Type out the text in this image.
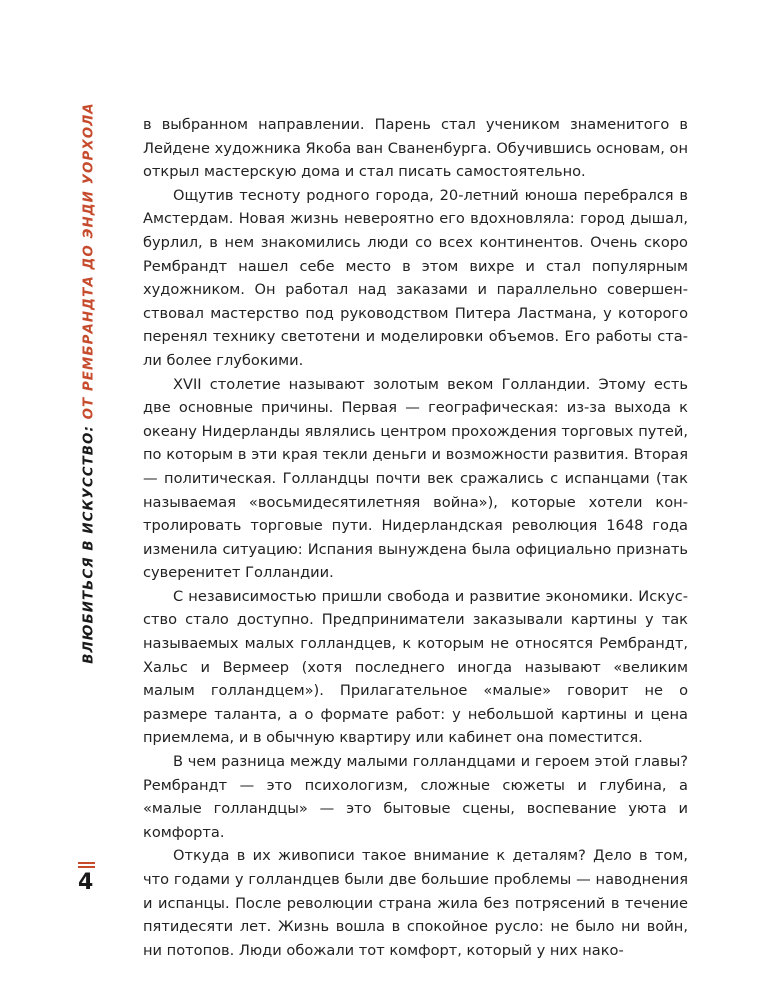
ВЛЮБИТЬСЯ В ИСКУССТВО: ОТ РЕМБРАНДТА ДО ЭНДИ УОРХОЛА
4

в выбранном направлении. Парень стал учеником знаменитого в Лейдене художника Якоба ван Сваненбурга. Обучившись основам, он открыл мастерскую дома и стал писать самостоятельно.

Ощутив тесноту родного города, 20-летний юноша перебрался в Амстердам. Новая жизнь невероятно его вдохновляла: город дышал, бурлил, в нем знакомились люди со всех континентов. Очень скоро Рембрандт нашел себе место в этом вихре и стал популярным художником. Он работал над заказами и параллельно совершенствовал мастерство под руководством Питера Ластмана, у которого перенял технику светотени и моделировки объемов. Его работы стали более глубокими.

XVII столетие называют золотым веком Голландии. Этому есть две основные причины. Первая — географическая: из-за выхода к океану Нидерланды являлись центром прохождения торговых путей, по которым в эти края текли деньги и возможности развития. Вторая — политическая. Голландцы почти век сражались с испанцами (так называемая «восьмидесятилетняя война»), которые хотели контролировать торговые пути. Нидерландская революция 1648 года изменила ситуацию: Испания вынуждена была официально признать суверенитет Голландии.

С независимостью пришли свобода и развитие экономики. Искусство стало доступно. Предприниматели заказывали картины у так называемых малых голландцев, к которым не относятся Рембрандт, Хальс и Вермеер (хотя последнего иногда называют «великим малым голландцем»). Прилагательное «малые» говорит не о размере таланта, а о формате работ: у небольшой картины и цена приемлема, и в обычную квартиру или кабинет она поместится.

В чем разница между малыми голландцами и героем этой главы? Рембрандт — это психологизм, сложные сюжеты и глубина, а «малые голландцы» — это бытовые сцены, воспевание уюта и комфорта.

Откуда в их живописи такое внимание к деталям? Дело в том, что годами у голландцев были две большие проблемы — наводнения и испанцы. После революции страна жила без потрясений в течение пятидесяти лет. Жизнь вошла в спокойное русло: не было ни войн, ни потопов. Люди обожали тот комфорт, который у них нако-
